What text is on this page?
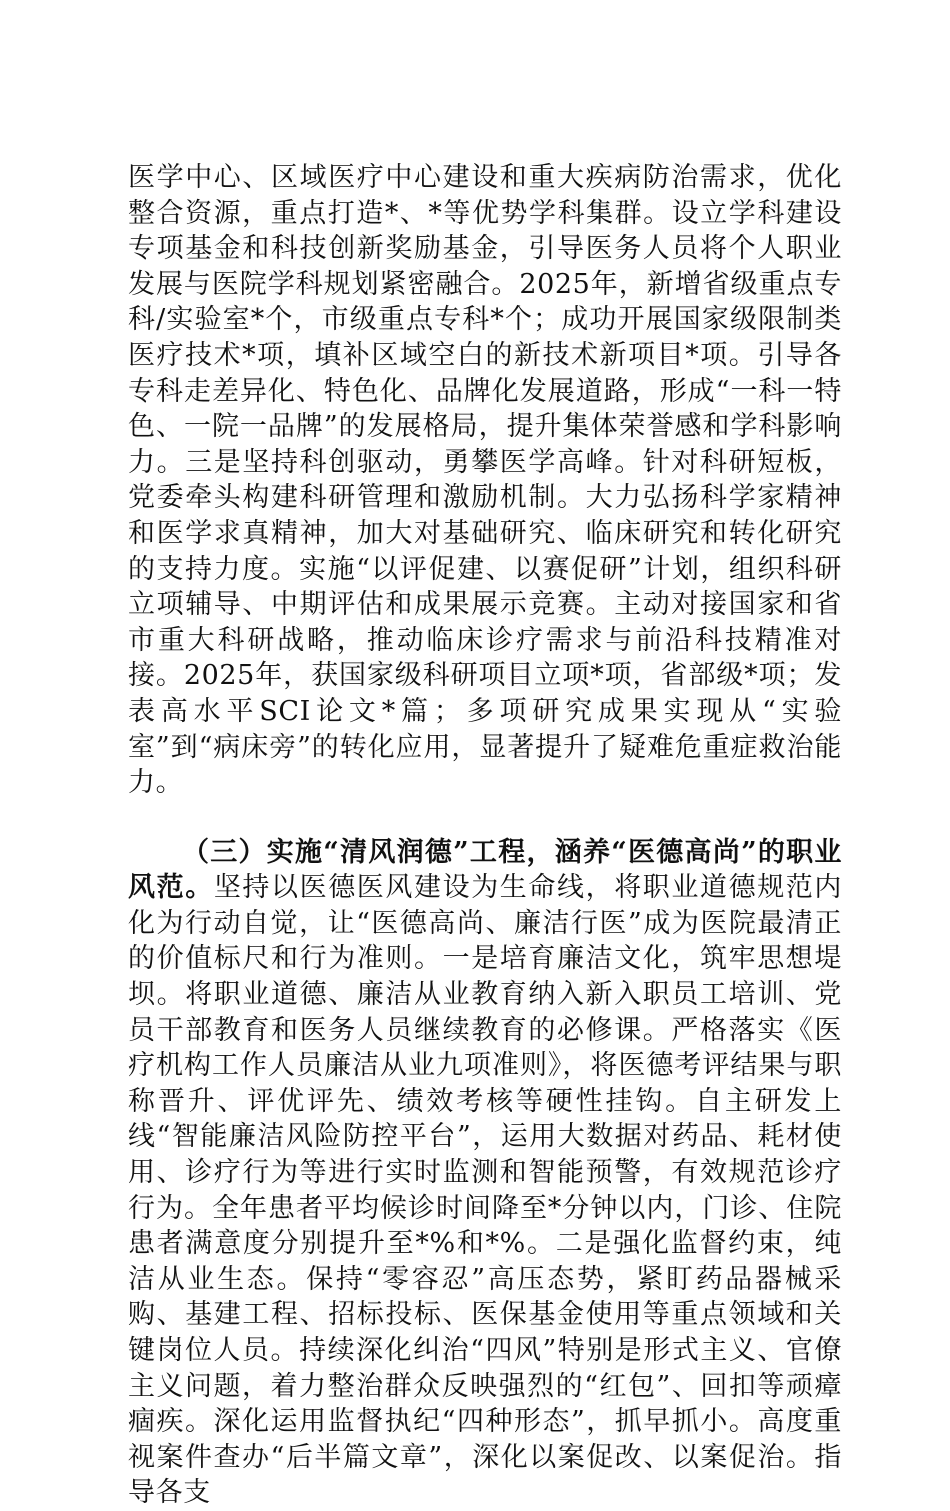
医学中心、区域医疗中心建设和重大疾病防治需求，优化整合资源，重点打造*、*等优势学科集群。设立学科建设专项基金和科技创新奖励基金，引导医务人员将个人职业发展与医院学科规划紧密融合。2025年，新增省级重点专科/实验室*个，市级重点专科*个；成功开展国家级限制类医疗技术*项，填补区域空白的新技术新项目*项。引导各专科走差异化、特色化、品牌化发展道路，形成“一科一特色、一院一品牌”的发展格局，提升集体荣誉感和学科影响力。三是坚持科创驱动，勇攀医学高峰。针对科研短板，党委牵头构建科研管理和激励机制。大力弘扬科学家精神和医学求真精神，加大对基础研究、临床研究和转化研究的支持力度。实施“以评促建、以赛促研”计划，组织科研立项辅导、中期评估和成果展示竞赛。主动对接国家和省市重大科研战略，推动临床诊疗需求与前沿科技精准对接。2025年，获国家级科研项目立项*项，省部级*项；发表高水平SCI论文*篇；多项研究成果实现从“实验室”到“病床旁”的转化应用，显著提升了疑难危重症救治能力。

（三）实施“清风润德”工程，涵养“医德高尚”的职业风范。坚持以医德医风建设为生命线，将职业道德规范内化为行动自觉，让“医德高尚、廉洁行医”成为医院最清正的价值标尺和行为准则。一是培育廉洁文化，筑牢思想堤坝。将职业道德、廉洁从业教育纳入新入职员工培训、党员干部教育和医务人员继续教育的必修课。严格落实《医疗机构工作人员廉洁从业九项准则》，将医德考评结果与职称晋升、评优评先、绩效考核等硬性挂钩。自主研发上线“智能廉洁风险防控平台”，运用大数据对药品、耗材使用、诊疗行为等进行实时监测和智能预警，有效规范诊疗行为。全年患者平均候诊时间降至*分钟以内，门诊、住院患者满意度分别提升至*%和*%。二是强化监督约束，纯洁从业生态。保持“零容忍”高压态势，紧盯药品器械采购、基建工程、招标投标、医保基金使用等重点领域和关键岗位人员。持续深化纠治“四风”特别是形式主义、官僚主义问题，着力整治群众反映强烈的“红包”、回扣等顽瘴痼疾。深化运用监督执纪“四种形态”，抓早抓小。高度重视案件查办“后半篇文章”，深化以案促改、以案促治。指导各支
